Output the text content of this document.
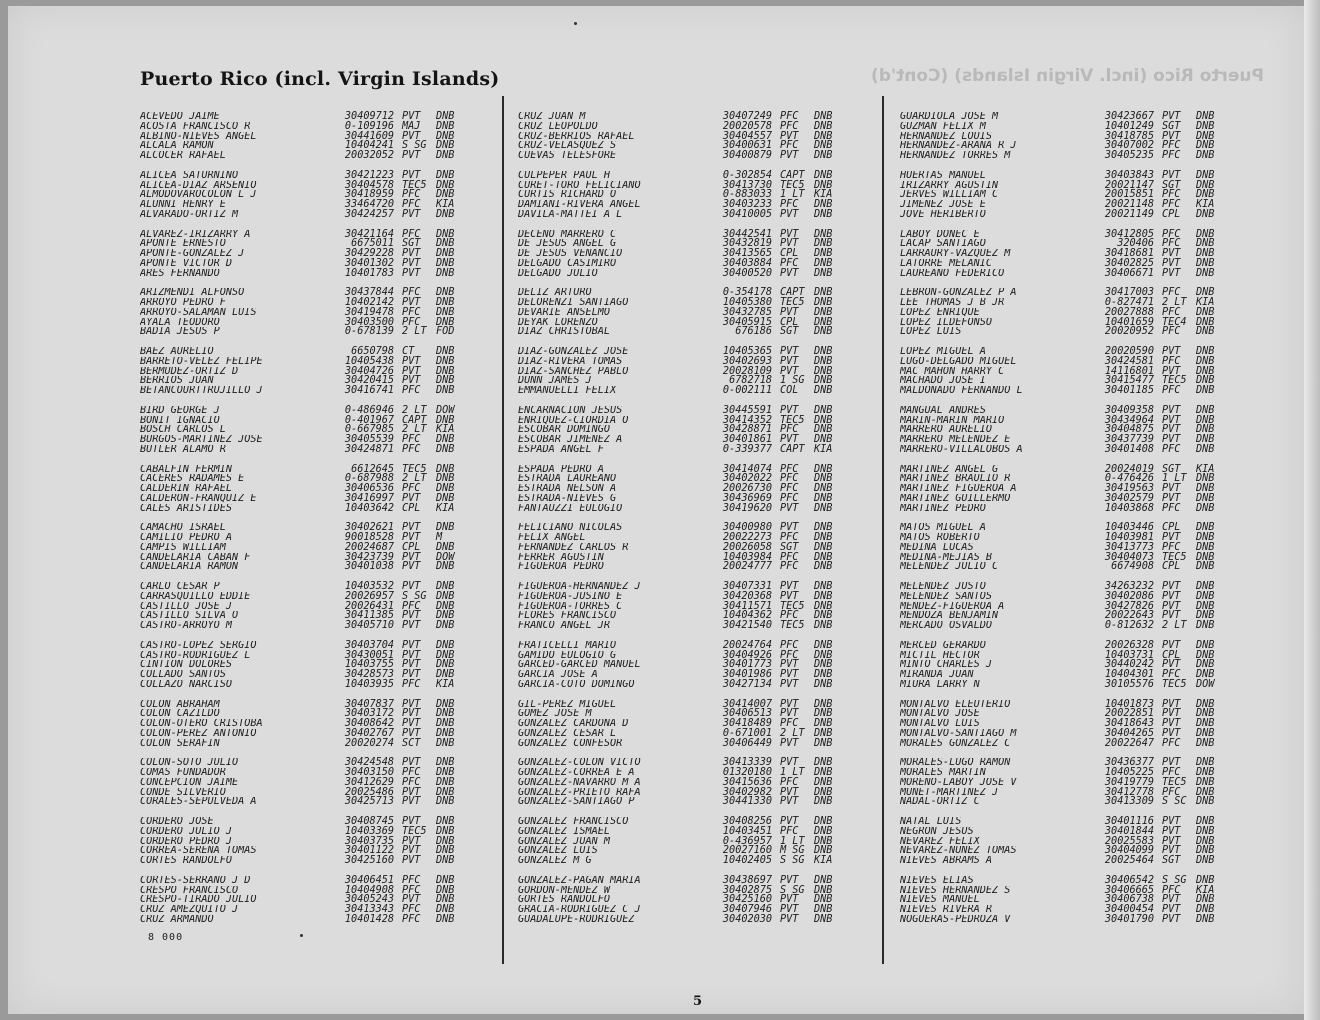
Puerto Rico (incl. Virgin Islands) (Cont'd)
Puerto Rico (incl. Virgin Islands)
ACEVEDO JAIME	30409712 PVT	DNB
ACOSTA FRANCISCO R	0-109196 MAJ	DNB
ALBINO-NIEVES ANGEL	30441609 PVT	DNB
ALCALA RAMON	10404241 S SG DNB
ALCOCER RAFAEL	20032052 PVT	DNB
ALICEA SATURNINO	30421223 PVT	DNB
ALICEA-DIAZ ARSENIO	30404578 TEC5 DNB
ALMODOVAROCOLON L J	30418959 PFC	DNB
ALUNNI HENRY E	33464720 PFC	KIA
ALVARADO-ORTIZ M	30424257 PVT	DNB
ALVAREZ-IRIZARRY A	30421164 PFC	DNB
APONTE ERNESTO	6675011 SGT	DNB
APONTE-GONZALEZ J	30429228 PVT	DNB
APONTE VICTOR D	30401302 PVT	DNB
ARES FERNANDO	10401783 PVT	DNB
ARIZMENDI ALFONSO	30437844 PFC	DNB
ARROYO PEDRO F	10402142 PVT	DNB
ARROYO-SALAMAN LUIS	30419478 PFC	DNB
AYALA TEODORO	30403500 PFC	DNB
BADIA JESUS P	0-678139 2 LT FOD
BAEZ AURELIO	6650798 CT	DNB
BARRETO-VELEZ FELIPE	10405438 PVT	DNB
BERMUDEZ-ORTIZ D	30404726 PVT	DNB
BERRIOS JUAN	30420415 PVT	DNB
BETANCOURTTRUJILLO J	30416741 PFC	DNB
BIRD GEORGE J	0-486946 2 LT DOW
BONIT IGNACIO	0-401967 CAPT DNB
BOSCH CARLOS L	0-667985 2 LT KIA
BURGOS-MARTINEZ JOSE	30405539 PFC	DNB
BUTLER ALAMO R	30424871 PFC	DNB
CABALFIN FERMIN	6612645 TEC5 DNB
CACERES RADAMES E	0-687988 2 LT DNB
CALDERIN RAFAEL	30406536 PFC	DNB
CALDERON-FRANQUIZ E	30416997 PVT	DNB
CALES ARISTIDES	10403642 CPL	KIA
CAMACHO ISRAEL	30402621 PVT	DNB
CAMILIO PEDRO A	90018528 PVT	M
CAMPIS WILLIAM	20024687 CPL	DNB
CANDELARIA CABAN F	30423739 PVT	DOW
CANDELARIA RAMON	30401038 PVT	DNB
CARLO CESAR P	10403532 PVT	DNB
CARRASQUILLO EDDIE	20026957 S SG DNB
CASTILLO JOSE J	20026431 PFC	DNB
CASTILLO SILVA O	30411385 PVT	DNB
CASTRO-ARROYO M	30405710 PVT	DNB
CASTRO-LOPEZ SERGIO	30403704 PVT	DNB
CASTRO-RODRIGUEZ L	30430051 PVT	DNB
CINTION DOLORES	10403755 PVT	DNB
COLLADO SANTOS	30428573 PVT	DNB
COLLAZO NARCISO	10403935 PFC	KIA
COLON ABRAHAM	30407837 PVT	DNB
COLON CAZILDO	30403172 PVT	DNB
COLON-OTERO CRISTOBA	30408642 PVT	DNB
COLON-PEREZ ANTONIO	30402767 PVT	DNB
COLON SERAFIN	20020274 SCT	DNB
COLON-SOTO JULIO	30424548 PVT	DNB
COMAS FUNDADOR	30403150 PFC	DNB
CONCEPCION JAIME	30412629 PFC	DNB
CONDE SILVERIO	20025486 PVT	DNB
CORALES-SEPULVEDA A	30425713 PVT	DNB
CORDERO JOSE	30408745 PVT	DNB
CORDERO JULIO J	10403369 TEC5 DNB
CORDERO PEDRO J	30403735 PVT	DNB
CORREA-SERENA TOMAS	30401122 PVT	DNB
CORTES RANDOLFO	30425160 PVT	DNB
CORTES-SERRANO J D	30406451 PFC	DNB
CRESPO FRANCISCO	10404908 PFC	DNB
CRESPO-TIRADO JULIO	30405243 PVT	DNB
CRUZ AMEZQUITO J	30413343 PFC	DNB
CRUZ ARMANDO	10401428 PFC	DNB
CRUZ JUAN M	30407249 PFC	DNB
CRUZ LEOPOLDO	20020578 PFC	DNB
CRUZ-BERRIOS RAFAEL	30404557 PVT	DNB
CRUZ-VELASQUEZ S	30400631 PFC	DNB
CUEVAS TELESFORE	30400879 PVT	DNB
CULPEPER PAUL H	0-302854 CAPT DNB
CURET-TORO FELICIANO	30413730 TEC5 DNB
CURTIS RICHARD O	0-883033 1 LT KIA
DAMIANI-RIVERA ANGEL	30403233 PFC	DNB
DAVILA-MATTEI A L	30410005 PVT	DNB
DECENO MARRERO C	30442541 PVT	DNB
DE JESUS ANGEL G	30432819 PVT	DNB
DE JESUS VENANCIO	30413565 CPL	DNB
DELGADO CASIMIRO	30403884 PFC	DNB
DELGADO JULIO	30400520 PVT	DNB
DELIZ ARTURO	0-354178 CAPT DNB
DELORENZI SANTIAGO	10405380 TEC5 DNB
DEVARIE ANSELMO	30432785 PVT	DNB
DEYAK LORENZO	30405915 CPL	DNB
DIAZ CHRISTOBAL	676186 SGT	DNB
DIAZ-GONZALEZ JOSE	10405365 PVT	DNB
DIAZ-RIVERA TOMAS	30402693 PVT	DNB
DIAZ-SANCHEZ PABLO	20028109 PVT	DNB
DUNN JAMES J	6782718 1 SG DNB
EMMANUELLI FELIX	0-002111 COL	DNB
ENCARNACION JESUS	30445591 PVT	DNB
ENRIQUEZ-CIORDIA O	30414352 TEC5 DNB
ESCOBAR DOMINGO	30428871 PFC	DNB
ESCOBAR JIMENEZ A	30401861 PVT	DNB
ESPADA ANGEL F	0-339377 CAPT KIA
ESPADA PEDRO A	30414074 PFC	DNB
ESTRADA LAUREANO	30402022 PFC	DNB
ESTRADA NELSON A	20026730 PFC	DNB
ESTRADA-NIEVES G	30436969 PFC	DNB
FANTAUZZI EULOGIO	30419620 PVT	DNB
FELICIANO NICOLAS	30400980 PVT	DNB
FELIX ANGEL	20022273 PFC	DNB
FERNANDEZ CARLOS R	20026058 SGT	DNB
FERRER AGUSTIN	10403984 PFC	DNB
FIGUEROA PEDRO	20024777 PFC	DNB
FIGUEROA-HERNANDEZ J	30407331 PVT	DNB
FIGUEROA-JUSINO E	30420368 PVT	DNB
FIGUEROA-TORRES C	30411571 TEC5 DNB
FLORES FRANCISCO	10404362 PFC	DNB
FRANCO ANGEL JR	30421540 TEC5 DNB
FRATICELLI MARIO	20024764 PFC	DNB
GAMIDO EULOGIO G	30404926 PFC	DNB
GARCED-GARCED MANUEL	30401773 PVT	DNB
GARCIA JOSE A	30401986 PVT	DNB
GARCIA-COTO DOMINGO	30427134 PVT	DNB
GIL-PEREZ MIGUEL	30414007 PVT	DNB
GOMEZ JOSE M	30406513 PVT	DNB
GONZALEZ CARDONA D	30418489 PFC	DNB
GONZALEZ CESAR L	0-671001 2 LT DNB
GONZALEZ CONFESOR	30406449 PVT	DNB
GONZALEZ-COLON VICTO	30413339 PVT	DNB
GONZALEZ-CORREA E A	01320180 1 LT DNB
GONZALEZ-NAVARRO M A	30415636 PFC	DNB
GONZALEZ-PRIETO RAFA	30402982 PVT	DNB
GONZALEZ-SANTIAGO P	30441330 PVT	DNB
GONZALEZ FRANCISCO	30408256 PVT	DNB
GONZALEZ ISMAEL	10403451 PFC	DNB
GONZALEZ JUAN M	0-436957 1 LT DNB
GONZALEZ LUIS	20027160 M SG DNB
GONZALEZ M G	10402405 S SG KIA
GONZALEZ-PAGAN MARIA	30438697 PVT	DNB
GORDON-MENDEZ W	30402875 S SG DNB
GORTES RANDOLFO	30425160 PVT	DNB
GRACIA-RODRIGUEZ C J	30407946 PVT	DNB
GUADALUPE-RODRIGUEZ	30402030 PVT	DNB
GUARDIOLA JOSE M	30423667 PVT	DNB
GUZMAN FELIX M	10401249 SGT	DNB
HERNANDEZ LOUIS	30418785 PVT	DNB
HERNANDEZ-ARANA R J	30407002 PFC	DNB
HERNANDEZ TORRES M	30405235 PFC	DNB
HUERTAS MANUEL	30403843 PVT	DNB
IRIZARRY AGUSTIN	20021147 SGT	DNB
JERVES WILLIAM C	20015851 PFC	DNB
JIMENEZ JOSE E	20021148 PFC	KIA
JOVE HERIBERTO	20021149 CPL	DNB
LABOY DONEC E	30412805 PFC	DNB
LACAP SANTIAGO	320406 PFC	DNB
LARRAURY-VAZQUEZ M	30418681 PVT	DNB
LATORRE MELANIC	30402825 PVT	DNB
LAUREANO FEDERICO	30406671 PVT	DNB
LEBRON-GONZALEZ P A	30417003 PFC	DNB
LEE THOMAS J B JR	0-827471 2 LT KIA
LOPEZ ENRIQUE	20027888 PFC	DNB
LOPEZ ILDEFONSO	10401659 TEC4 DNB
LOPEZ LUIS	20020952 PFC	DNB
LOPEZ MIGUEL A	20020590 PVT	DNB
LUGO-DELGADO MIGUEL	30424581 PFC	DNB
MAC MAHON HARRY C	14116801 PVT	DNB
MACHADO JOSE I	30415477 TEC5 DNB
MALDONADO FERNANDO L	30401185 PFC	DNB
MANGUAL ANDRES	30409358 PVT	DNB
MARIN-MARIN MARIO	30434964 PVT	DNB
MARRERO AURELIO	30404875 PVT	DNB
MARRERO MELENDEZ E	30437739 PVT	DNB
MARRERO-VILLALOBOS A	30401408 PFC	DNB
MARTINEZ ANGEL G	20024019 SGT	KIA
MARTINEZ BRAULIO R	0-476426 1 LT DNB
MARTINEZ FIGUEROA A	30419563 PVT	DNB
MARTINEZ GUILLERMO	30402579 PVT	DNB
MARTINEZ PEDRO	10403868 PFC	DNB
MATOS MIGUEL A	10403446 CPL	DNB
MATOS ROBERTO	10403981 PVT	DNB
MEDINA LUCAS	30413773 PFC	DNB
MEDINA-MEJIAS B	30404073 TEC5 DNB
MELENDEZ JULIO C	6674908 CPL	DNB
MELENDEZ JUSTO	34263232 PVT	DNB
MELENDEZ SANTOS	30402086 PVT	DNB
MENDEZ-FIGUEROA A	30427826 PVT	DNB
MENDOZA BENJAMIN	20022643 PVT	DNB
MERCADO OSVALDO	0-812632 2 LT DNB
MERCED GERARDO	20026328 PVT	DNB
MICTIL HECTOR	10403731 CPL	DNB
MINTO CHARLES J	30440242 PVT	DNB
MIRANDA JUAN	10404301 PFC	DNB
MIURA LARRY N	30105576 TEC5 DOW
MONTALVO ELEUTERIO	10401873 PVT	DNB
MONTALVO JOSE	20022851 PVT	DNB
MONTALVO LUIS	30418643 PVT	DNB
MONTALVO-SANTIAGO M	30404265 PVT	DNB
MORALES GONZALEZ C	20022647 PFC	DNB
MORALES-LUGO RAMON	30436377 PVT	DNB
MORALES MARTIN	10405225 PFC	DNB
MORENO-LABOY JOSE V	30419779 TEC5 DNB
MUNET-MARTINEZ J	30412778 PFC	DNB
NADAL-ORTIZ C	30413309 S SC DNB
NATAL LUIS	30401116 PVT	DNB
NEGRON JESUS	30401844 PVT	DNB
NEVAREZ FELIX	20025583 PVT	DNB
NEVAREZ-NUNEZ TOMAS	30404099 PVT	DNB
NIEVES ABRAMS A	20025464 SGT	DNB
NIEVES ELIAS	30406542 S SG DNB
NIEVES HERNANDEZ S	30406665 PFC	KIA
NIEVES MANUEL	30406738 PVT	DNB
NIEVES RIVERA R	30400454 PVT	DNB
NOGUERAS-PEDROZA V	30401790 PVT	DNB
8 000
5
